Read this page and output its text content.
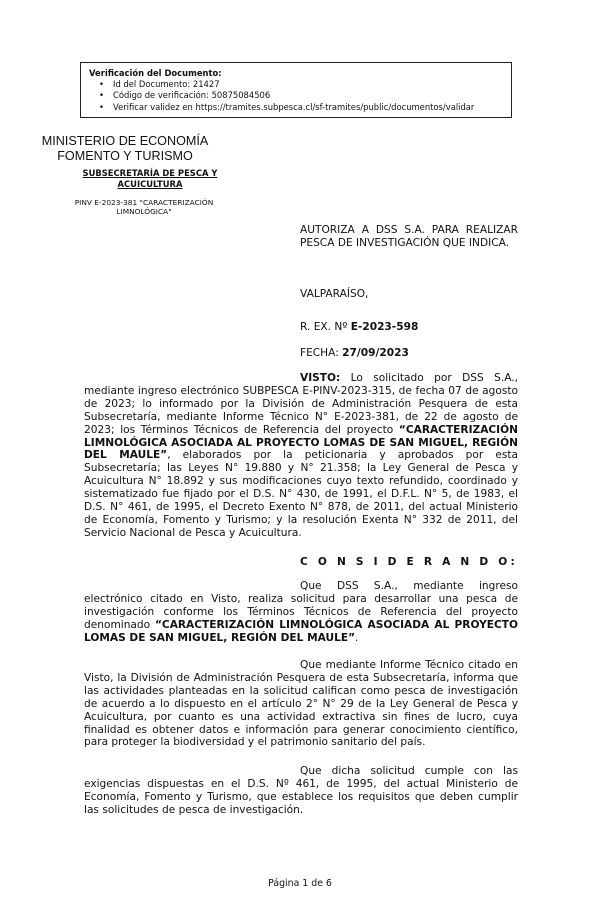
Verificación del Documento:
• Id del Documento: 21427
• Código de verificación: 50875084506
• Verificar validez en https://tramites.subpesca.cl/sf-tramites/public/documentos/validar
MINISTERIO DE ECONOMÍA
FOMENTO Y TURISMO
SUBSECRETARÍA DE PESCA Y ACUICULTURA
PINV E-2023-381 "CARACTERIZACIÓN LIMNOLÓGICA"
AUTORIZA A DSS S.A. PARA REALIZAR PESCA DE INVESTIGACIÓN QUE INDICA.
VALPARAÍSO,
R. EX. Nº E-2023-598
FECHA: 27/09/2023

VISTO: Lo solicitado por DSS S.A., mediante ingreso electrónico SUBPESCA E-PINV-2023-315, de fecha 07 de agosto de 2023; lo informado por la División de Administración Pesquera de esta Subsecretaría, mediante Informe Técnico N° E-2023-381, de 22 de agosto de 2023; los Términos Técnicos de Referencia del proyecto “CARACTERIZACIÓN LIMNOLÓGICA ASOCIADA AL PROYECTO LOMAS DE SAN MIGUEL, REGIÓN DEL MAULE”, elaborados por la peticionaria y aprobados por esta Subsecretaría; las Leyes N° 19.880 y N° 21.358; la Ley General de Pesca y Acuicultura N° 18.892 y sus modificaciones cuyo texto refundido, coordinado y sistematizado fue fijado por el D.S. N° 430, de 1991, el D.F.L. N° 5, de 1983, el D.S. N° 461, de 1995, el Decreto Exento N° 878, de 2011, del actual Ministerio de Economía, Fomento y Turismo; y la resolución Exenta N° 332 de 2011, del Servicio Nacional de Pesca y Acuicultura.

C O N S I D E R A N D O:

Que DSS S.A., mediante ingreso electrónico citado en Visto, realiza solicitud para desarrollar una pesca de investigación conforme los Términos Técnicos de Referencia del proyecto denominado “CARACTERIZACIÓN LIMNOLÓGICA ASOCIADA AL PROYECTO LOMAS DE SAN MIGUEL, REGIÓN DEL MAULE”.

Que mediante Informe Técnico citado en Visto, la División de Administración Pesquera de esta Subsecretaría, informa que las actividades planteadas en la solicitud califican como pesca de investigación de acuerdo a lo dispuesto en el artículo 2° N° 29 de la Ley General de Pesca y Acuicultura, por cuanto es una actividad extractiva sin fines de lucro, cuya finalidad es obtener datos e información para generar conocimiento científico, para proteger la biodiversidad y el patrimonio sanitario del país.

Que dicha solicitud cumple con las exigencias dispuestas en el D.S. Nº 461, de 1995, del actual Ministerio de Economía, Fomento y Turismo, que establece los requisitos que deben cumplir las solicitudes de pesca de investigación.

Página 1 de 6
